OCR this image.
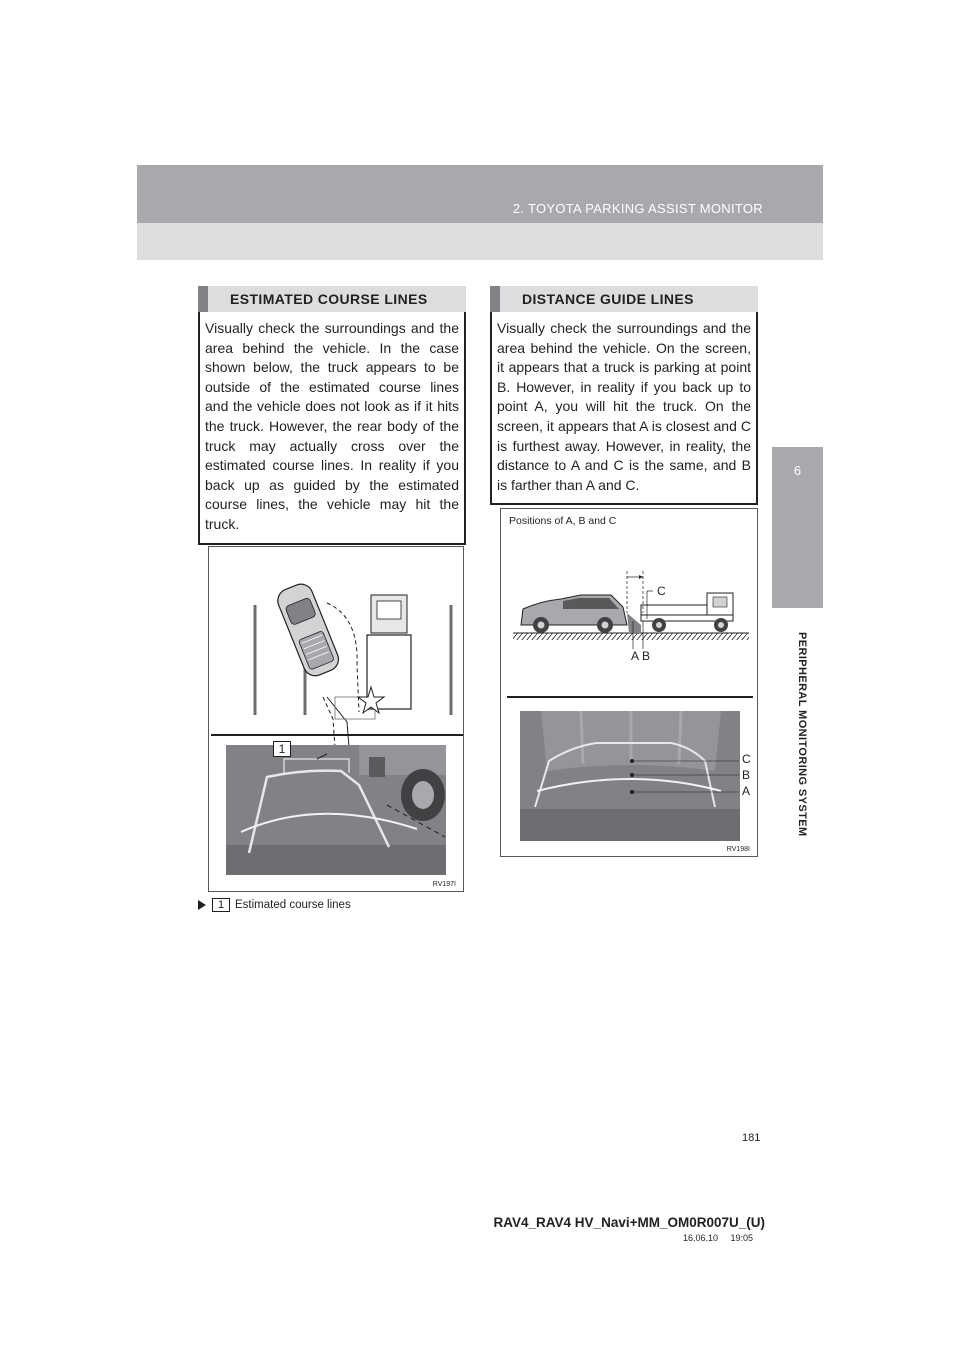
2. TOYOTA PARKING ASSIST MONITOR
6
PERIPHERAL MONITORING SYSTEM
ESTIMATED COURSE LINES

Visually check the surroundings and the area behind the vehicle. In the case shown below, the truck appears to be outside of the estimated course lines and the vehicle does not look as if it hits the truck. However, the rear body of the truck may actually cross over the estimated course lines. In reality if you back up as guided by the estimated course lines, the vehicle may hit the truck.

1
RV197I
1 Estimated course lines
DISTANCE GUIDE LINES

Visually check the surroundings and the area behind the vehicle. On the screen, it appears that a truck is parking at point B. However, in reality if you back up to point A, you will hit the truck. On the screen, it appears that A is closest and C is furthest away. However, in reality, the distance to A and C is the same, and B is farther than A and C.

Positions of A, B and C
C
A B
C
B
A
RV198I
181
RAV4_RAV4 HV_Navi+MM_OM0R007U_(U)
16.06.10     19:05
